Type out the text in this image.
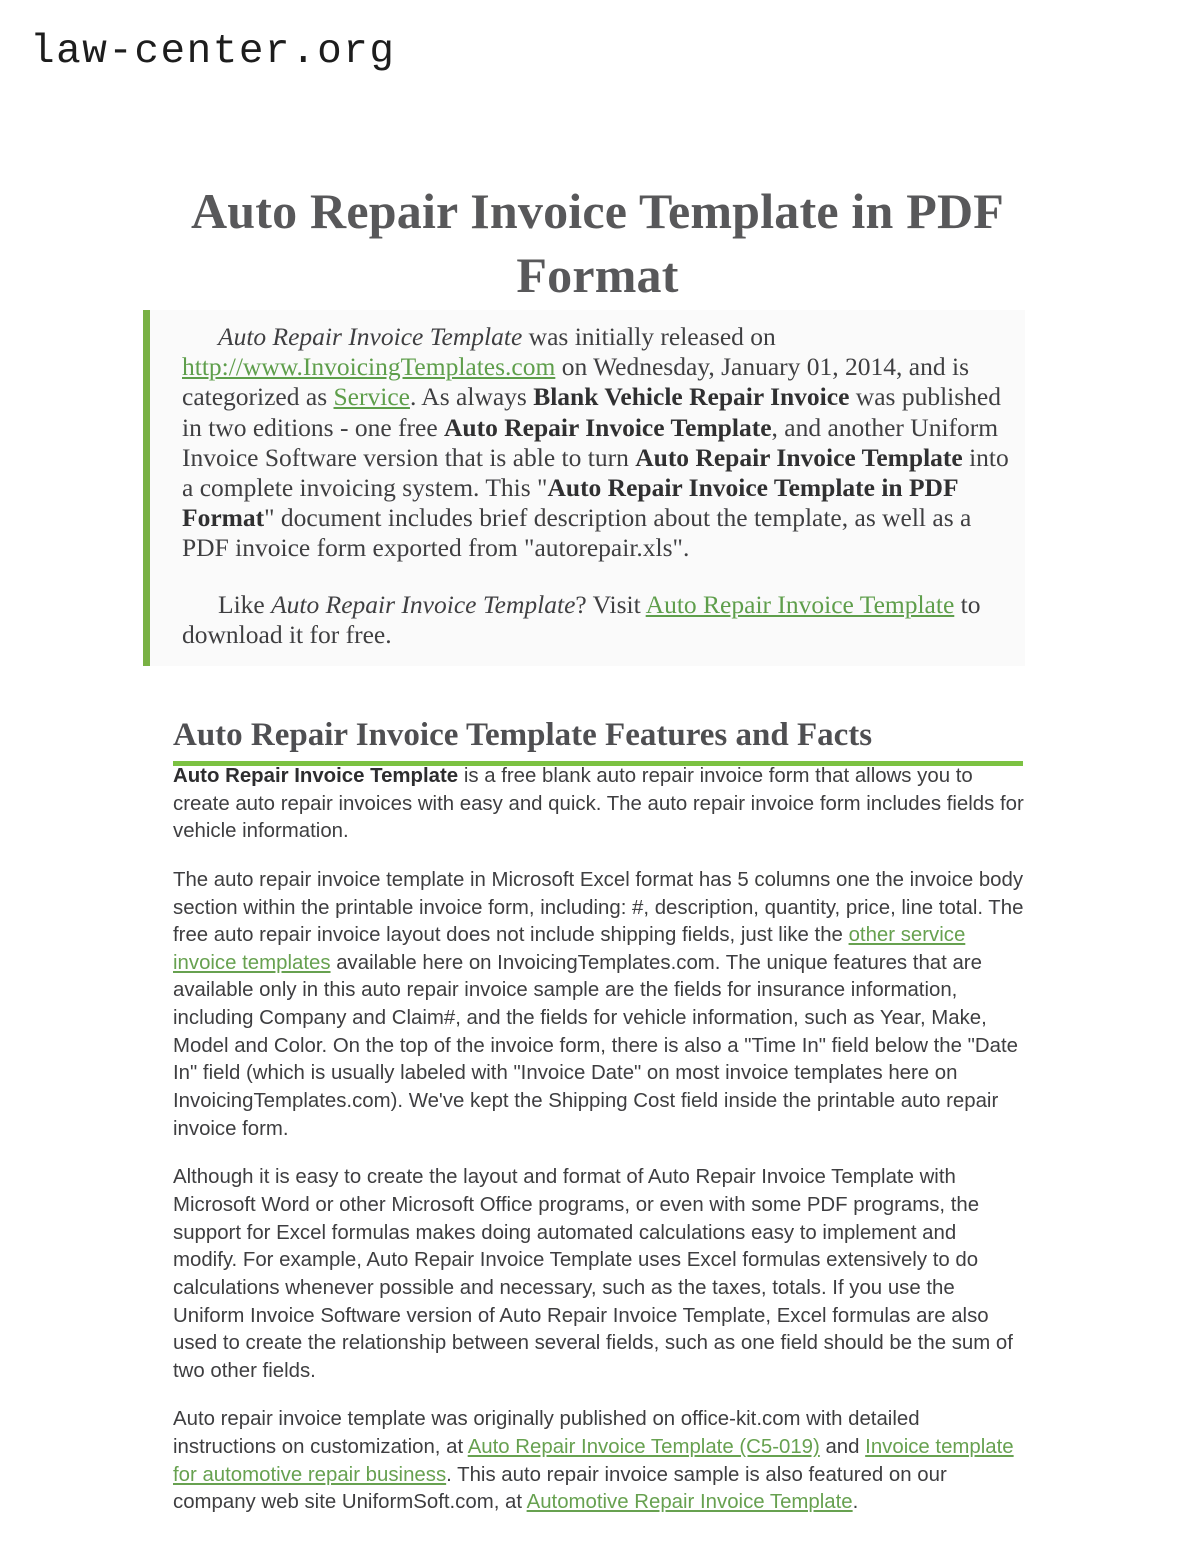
law-center.org
Auto Repair Invoice Template in PDF Format

Auto Repair Invoice Template was initially released on http://www.InvoicingTemplates.com on Wednesday, January 01, 2014, and is categorized as Service. As always Blank Vehicle Repair Invoice was published in two editions - one free Auto Repair Invoice Template, and another Uniform Invoice Software version that is able to turn Auto Repair Invoice Template into a complete invoicing system. This "Auto Repair Invoice Template in PDF Format" document includes brief description about the template, as well as a PDF invoice form exported from "autorepair.xls".

Like Auto Repair Invoice Template? Visit Auto Repair Invoice Template to download it for free.

Auto Repair Invoice Template Features and Facts

Auto Repair Invoice Template is a free blank auto repair invoice form that allows you to create auto repair invoices with easy and quick. The auto repair invoice form includes fields for vehicle information.

The auto repair invoice template in Microsoft Excel format has 5 columns one the invoice body section within the printable invoice form, including: #, description, quantity, price, line total. The free auto repair invoice layout does not include shipping fields, just like the other service invoice templates available here on InvoicingTemplates.com. The unique features that are available only in this auto repair invoice sample are the fields for insurance information, including Company and Claim#, and the fields for vehicle information, such as Year, Make, Model and Color. On the top of the invoice form, there is also a "Time In" field below the "Date In" field (which is usually labeled with "Invoice Date" on most invoice templates here on InvoicingTemplates.com). We've kept the Shipping Cost field inside the printable auto repair invoice form.

Although it is easy to create the layout and format of Auto Repair Invoice Template with Microsoft Word or other Microsoft Office programs, or even with some PDF programs, the support for Excel formulas makes doing automated calculations easy to implement and modify. For example, Auto Repair Invoice Template uses Excel formulas extensively to do calculations whenever possible and necessary, such as the taxes, totals. If you use the Uniform Invoice Software version of Auto Repair Invoice Template, Excel formulas are also used to create the relationship between several fields, such as one field should be the sum of two other fields.

Auto repair invoice template was originally published on office-kit.com with detailed instructions on customization, at Auto Repair Invoice Template (C5-019) and Invoice template for automotive repair business. This auto repair invoice sample is also featured on our company web site UniformSoft.com, at Automotive Repair Invoice Template.
